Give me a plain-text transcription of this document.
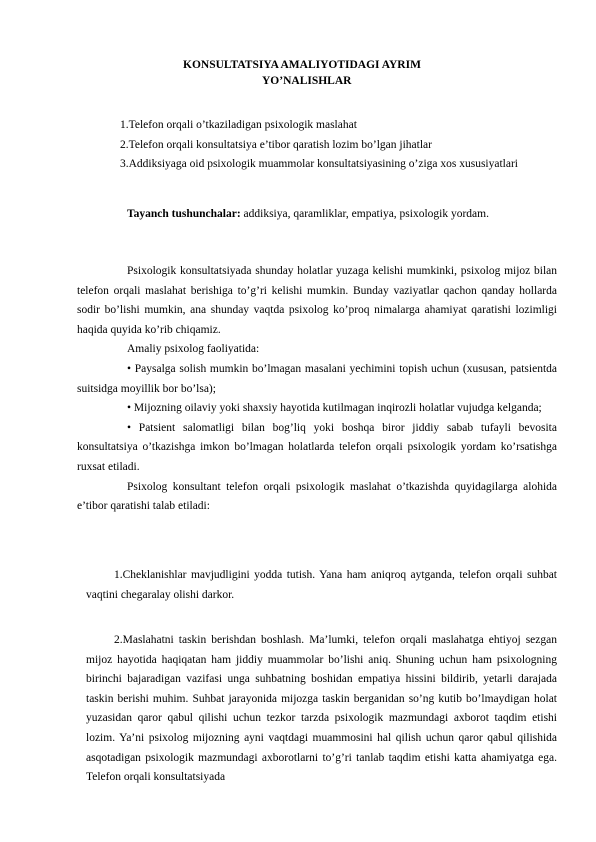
KONSULTATSIYA AMALIYOTIDAGI AYRIM
YO’NALISHLAR
1.Telefon orqali o’tkaziladigan psixologik maslahat
2.Telefon orqali konsultatsiya e’tibor qaratish lozim bo’lgan jihatlar
3.Addiksiyaga oid psixologik muammolar konsultatsiyasining o’ziga xos xususiyatlari

Tayanch tushunchalar: addiksiya, qaramliklar, empatiya, psixologik yordam.

Psixologik konsultatsiyada shunday holatlar yuzaga kelishi mumkinki, psixolog mijoz bilan telefon orqali maslahat berishiga to’g’ri kelishi mumkin. Bunday vaziyatlar qachon qanday hollarda sodir bo’lishi mumkin, ana shunday vaqtda psixolog ko’proq nimalarga ahamiyat qaratishi lozimligi haqida quyida ko’rib chiqamiz.

Amaliy psixolog faoliyatida:

• Paysalga solish mumkin bo’lmagan masalani yechimini topish uchun (xususan, patsientda suitsidga moyillik bor bo’lsa);

• Mijozning oilaviy yoki shaxsiy hayotida kutilmagan inqirozli holatlar vujudga kelganda;

• Patsient salomatligi bilan bog’liq yoki boshqa biror jiddiy sabab tufayli bevosita konsultatsiya o’tkazishga imkon bo’lmagan holatlarda telefon orqali psixologik yordam ko’rsatishga ruxsat etiladi.

Psixolog konsultant telefon orqali psixologik maslahat o’tkazishda quyidagilarga alohida e’tibor qaratishi talab etiladi:

1.Cheklanishlar mavjudligini yodda tutish. Yana ham aniqroq aytganda, telefon orqali suhbat vaqtini chegaralay olishi darkor.

2.Maslahatni taskin berishdan boshlash. Ma’lumki, telefon orqali maslahatga ehtiyoj sezgan mijoz hayotida haqiqatan ham jiddiy muammolar bo’lishi aniq. Shuning uchun ham psixologning birinchi bajaradigan vazifasi unga suhbatning boshidan empatiya hissini bildirib, yetarli darajada taskin berishi muhim. Suhbat jarayonida mijozga taskin berganidan so’ng kutib bo’lmaydigan holat yuzasidan qaror qabul qilishi uchun tezkor tarzda psixologik mazmundagi axborot taqdim etishi lozim. Ya’ni psixolog mijozning ayni vaqtdagi muammosini hal qilish uchun qaror qabul qilishida asqotadigan psixologik mazmundagi axborotlarni to’g’ri tanlab taqdim etishi katta ahamiyatga ega. Telefon orqali konsultatsiyada
